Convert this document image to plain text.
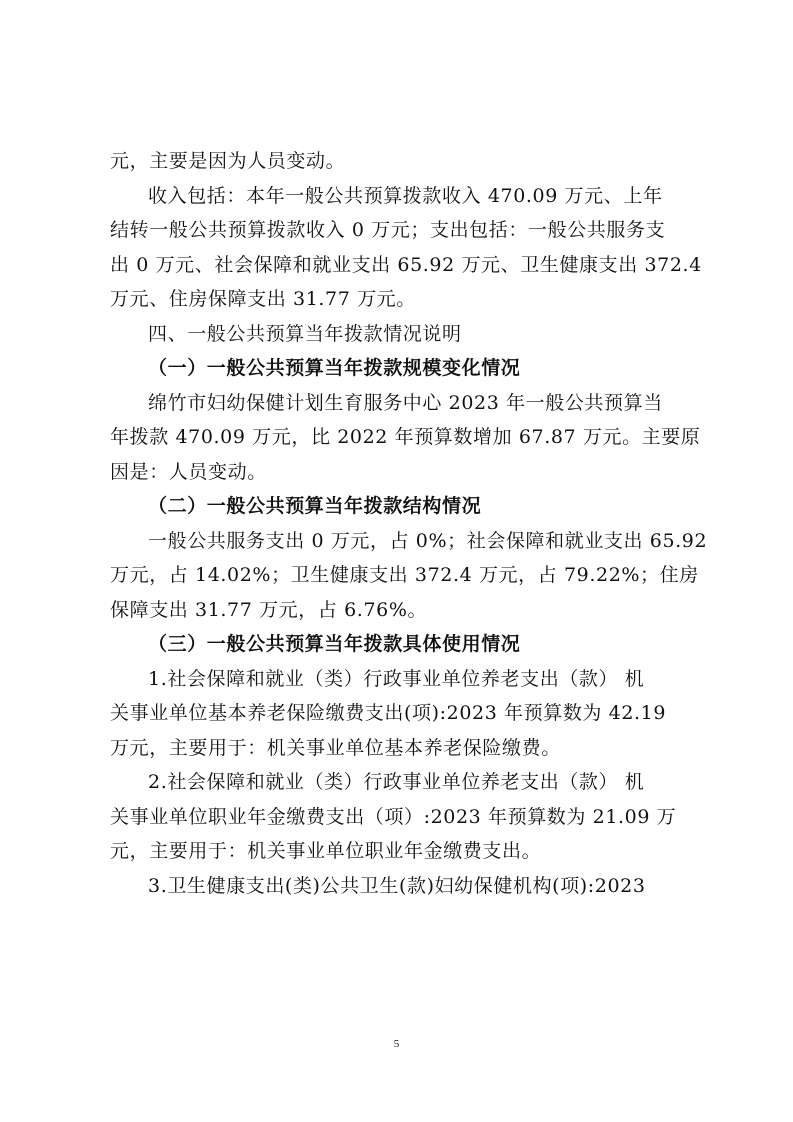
元，主要是因为人员变动。
收入包括：本年一般公共预算拨款收入 470.09 万元、上年
结转一般公共预算拨款收入 0 万元；支出包括：一般公共服务支
出 0 万元、社会保障和就业支出 65.92 万元、卫生健康支出 372.4
万元、住房保障支出 31.77 万元。
四、一般公共预算当年拨款情况说明
（一）一般公共预算当年拨款规模变化情况
绵竹市妇幼保健计划生育服务中心 2023 年一般公共预算当
年拨款 470.09 万元，比 2022 年预算数增加 67.87 万元。主要原
因是：人员变动。
（二）一般公共预算当年拨款结构情况
一般公共服务支出 0 万元，占 0%；社会保障和就业支出 65.92
万元，占 14.02%；卫生健康支出 372.4 万元，占 79.22%；住房
保障支出 31.77 万元，占 6.76%。
（三）一般公共预算当年拨款具体使用情况
1.社会保障和就业（类）行政事业单位养老支出（款） 机
关事业单位基本养老保险缴费支出(项):2023 年预算数为 42.19
万元，主要用于：机关事业单位基本养老保险缴费。
2.社会保障和就业（类）行政事业单位养老支出（款） 机
关事业单位职业年金缴费支出（项）:2023 年预算数为 21.09 万
元，主要用于：机关事业单位职业年金缴费支出。
3.卫生健康支出(类)公共卫生(款)妇幼保健机构(项):2023
5
